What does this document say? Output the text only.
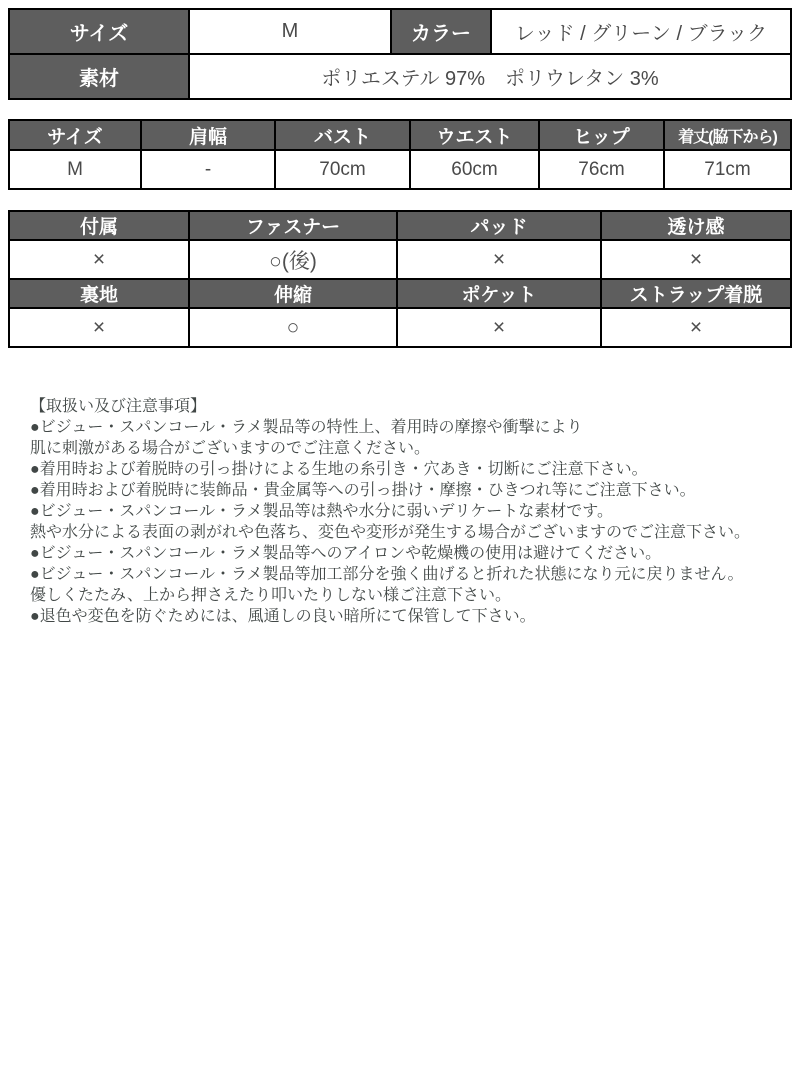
サイズ	M	カラー	レッド / グリーン / ブラック
素材	ポリエステル 97%　ポリウレタン 3%		
サイズ	肩幅	バスト	ウエスト	ヒップ	着丈(脇下から)
M	-	70cm	60cm	76cm	71cm
付属	ファスナー	パッド	透け感
×	○(後)	×	×
裏地	伸縮	ポケット	ストラップ着脱
×	○	×	×
【取扱い及び注意事項】
●ビジュー・スパンコール・ラメ製品等の特性上、着用時の摩擦や衝撃により
肌に刺激がある場合がございますのでご注意ください。
●着用時および着脱時の引っ掛けによる生地の糸引き・穴あき・切断にご注意下さい。
●着用時および着脱時に装飾品・貴金属等への引っ掛け・摩擦・ひきつれ等にご注意下さい。
●ビジュー・スパンコール・ラメ製品等は熱や水分に弱いデリケートな素材です。
熱や水分による表面の剥がれや色落ち、変色や変形が発生する場合がございますのでご注意下さい。
●ビジュー・スパンコール・ラメ製品等へのアイロンや乾燥機の使用は避けてください。
●ビジュー・スパンコール・ラメ製品等加工部分を強く曲げると折れた状態になり元に戻りません。
優しくたたみ、上から押さえたり叩いたりしない様ご注意下さい。
●退色や変色を防ぐためには、風通しの良い暗所にて保管して下さい。
